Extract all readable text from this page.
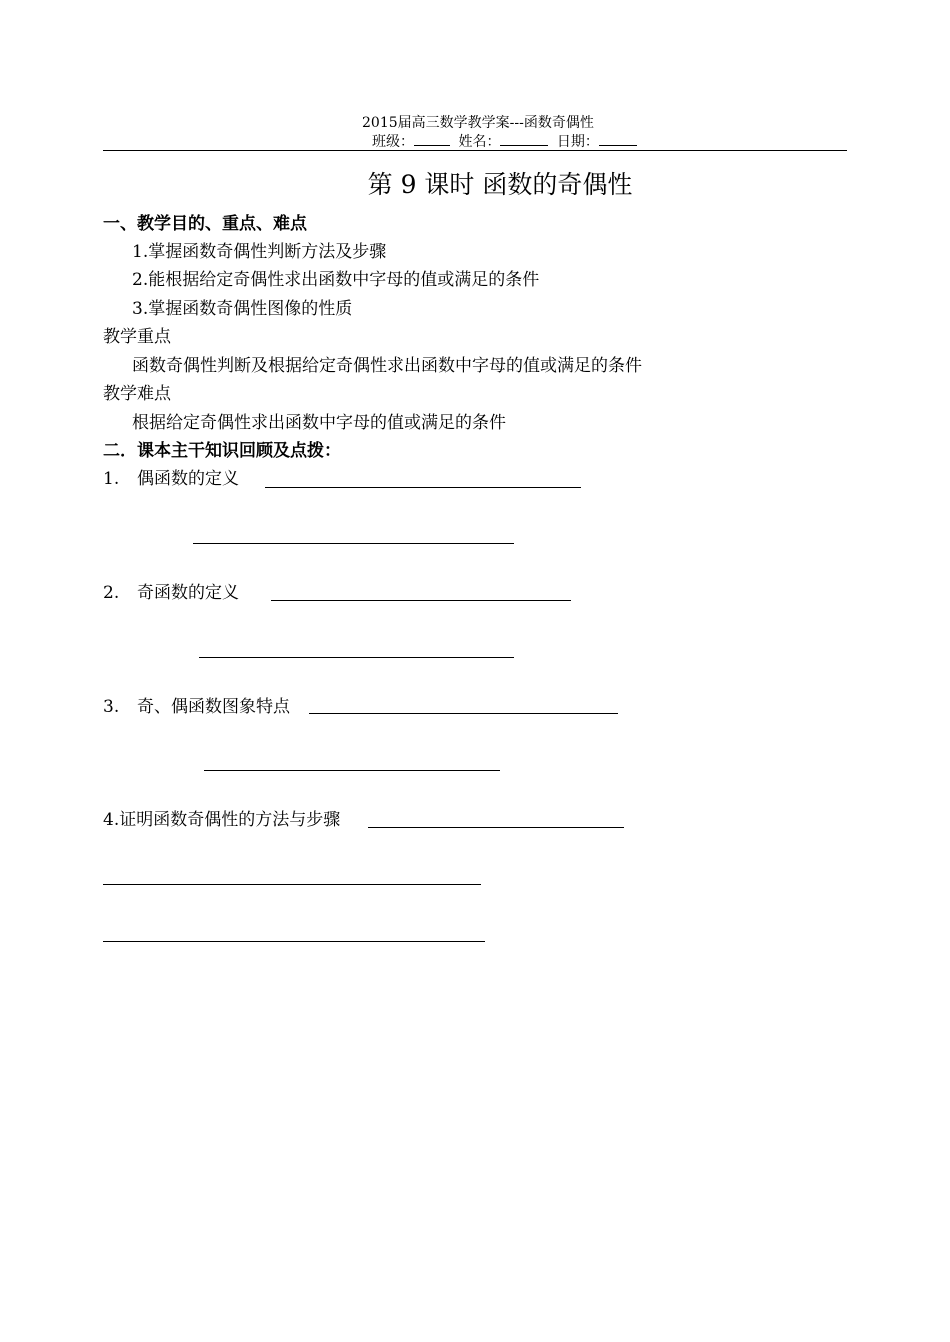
2015届高三数学教学案---函数奇偶性
班级：	姓名：	日期：
第 9 课时 函数的奇偶性
一、教学目的、重点、难点
1.掌握函数奇偶性判断方法及步骤
2.能根据给定奇偶性求出函数中字母的值或满足的条件
3.掌握函数奇偶性图像的性质
教学重点
函数奇偶性判断及根据给定奇偶性求出函数中字母的值或满足的条件
教学难点
根据给定奇偶性求出函数中字母的值或满足的条件
二．课本主干知识回顾及点拨：
1. 偶函数的定义
2. 奇函数的定义
3. 奇、偶函数图象特点
4.证明函数奇偶性的方法与步骤
